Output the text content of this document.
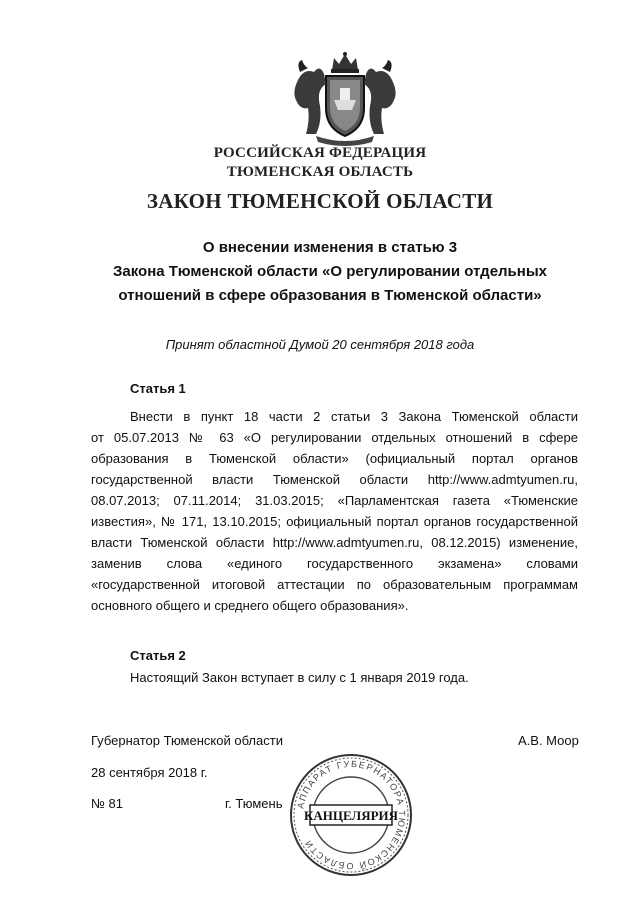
РОССИЙСКАЯ ФЕДЕРАЦИЯ
ТЮМЕНСКАЯ ОБЛАСТЬ
ЗАКОН ТЮМЕНСКОЙ ОБЛАСТИ
О внесении изменения в статью 3
Закона Тюменской области «О регулировании отдельных
отношений в сфере образования в Тюменской области»
Принят областной Думой 20 сентября 2018 года
Статья 1
Внести в пункт 18 части 2 статьи 3 Закона Тюменской области
от 05.07.2013 № 63 «О регулировании отдельных отношений в сфере
образования в Тюменской области» (официальный портал органов
государственной власти Тюменской области http://www.admtyumen.ru,
08.07.2013; 07.11.2014; 31.03.2015; «Парламентская газета «Тюменские
известия», № 171, 13.10.2015; официальный портал органов государственной
власти Тюменской области http://www.admtyumen.ru, 08.12.2015) изменение,
заменив слова «единого государственного экзамена» словами
«государственной итоговой аттестации по образовательным программам
основного общего и среднего общего образования».
Статья 2
Настоящий Закон вступает в силу с 1 января 2019 года.
Губернатор Тюменской области	А.В. Моор
28 сентября 2018 г.
№ 81	г. Тюмень АППАРАТ ГУБЕРНАТОРА ТЮМЕНСКОЙ ОБЛАСТИ
КАНЦЕЛЯРИЯ
